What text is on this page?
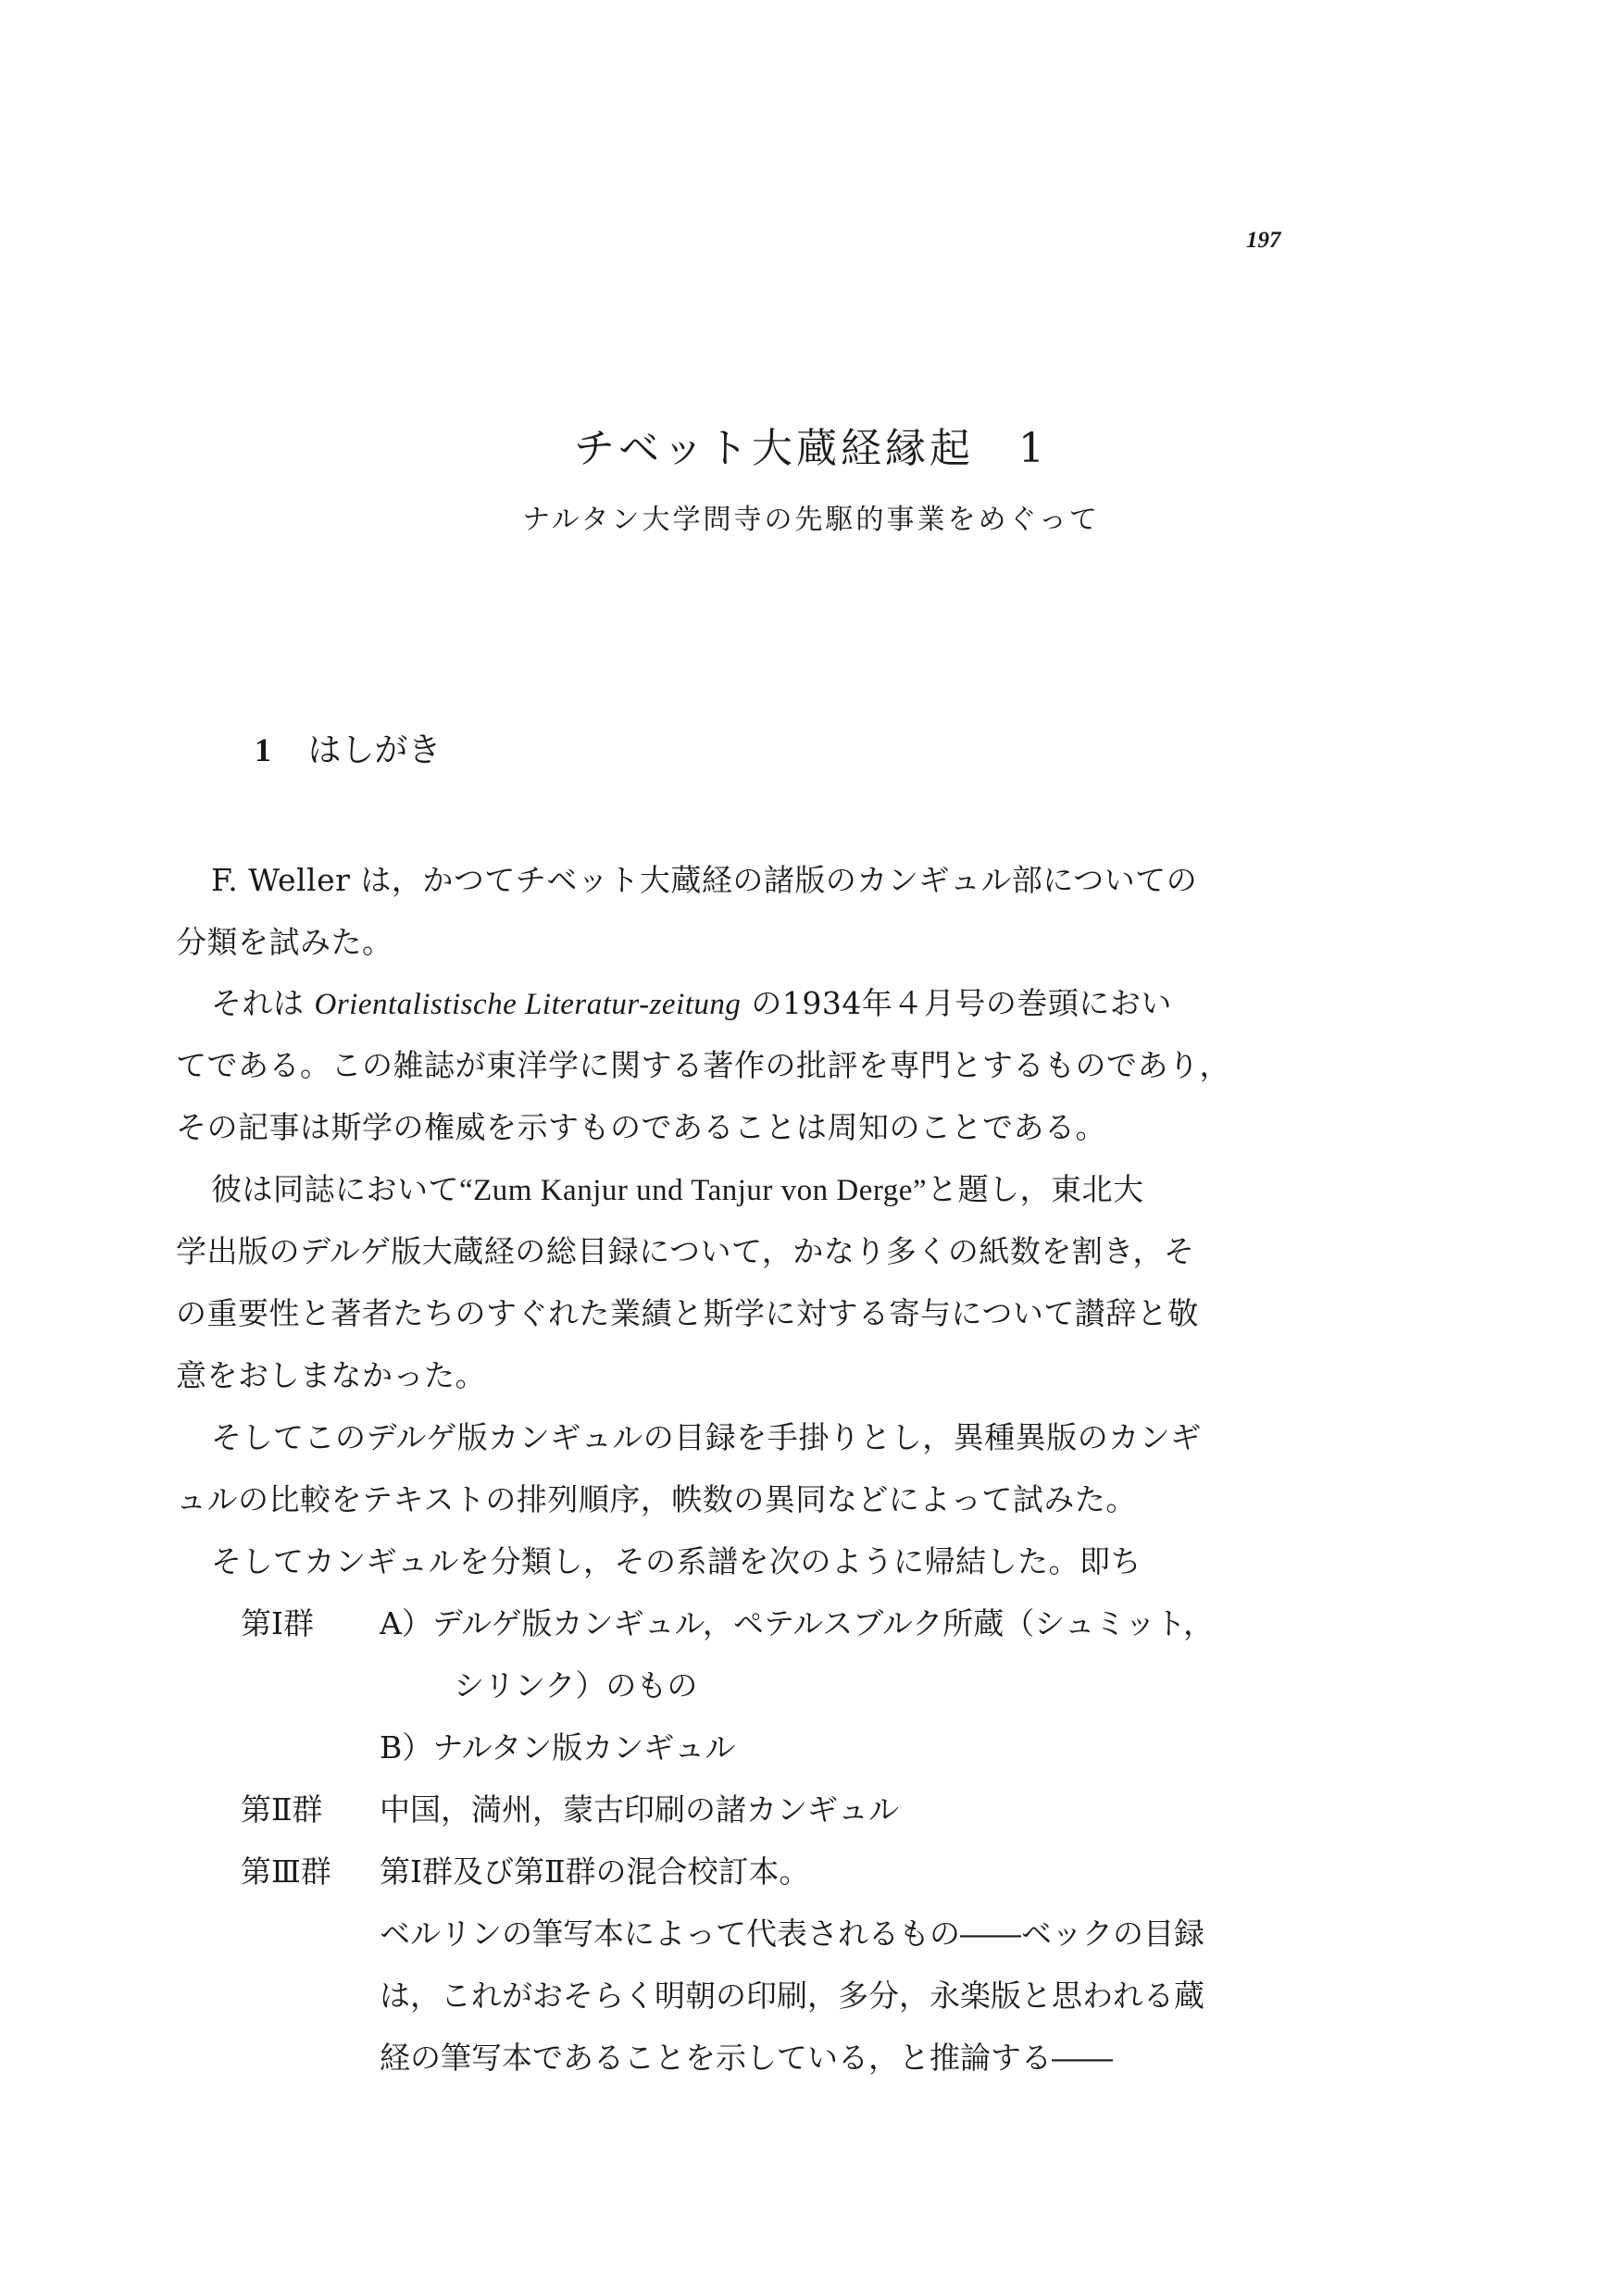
197
チベット大蔵経縁起　1
ナルタン大学問寺の先駆的事業をめぐって
1 はしがき
F. Weller は，かつてチベット大蔵経の諸版のカンギュル部についての
分類を試みた。
それは Orientalistische Literatur-zeitung の1934年４月号の巻頭におい
てである。この雑誌が東洋学に関する著作の批評を専門とするものであり，
その記事は斯学の権威を示すものであることは周知のことである。
彼は同誌において“Zum Kanjur und Tanjur von Derge”と題し，東北大
学出版のデルゲ版大蔵経の総目録について，かなり多くの紙数を割き，そ
の重要性と著者たちのすぐれた業績と斯学に対する寄与について讃辞と敬
意をおしまなかった。
そしてこのデルゲ版カンギュルの目録を手掛りとし，異種異版のカンギ
ュルの比較をテキストの排列順序，帙数の異同などによって試みた。
そしてカンギュルを分類し，その系譜を次のように帰結した。即ち
第Ⅰ群 A）デルゲ版カンギュル，ペテルスブルク所蔵（シュミット，
シリンク）のもの
B）ナルタン版カンギュル
第Ⅱ群 中国，満州，蒙古印刷の諸カンギュル
第Ⅲ群 第Ⅰ群及び第Ⅱ群の混合校訂本。
ベルリンの筆写本によって代表されるもの――ベックの目録
は，これがおそらく明朝の印刷，多分，永楽版と思われる蔵
経の筆写本であることを示している，と推論する――
